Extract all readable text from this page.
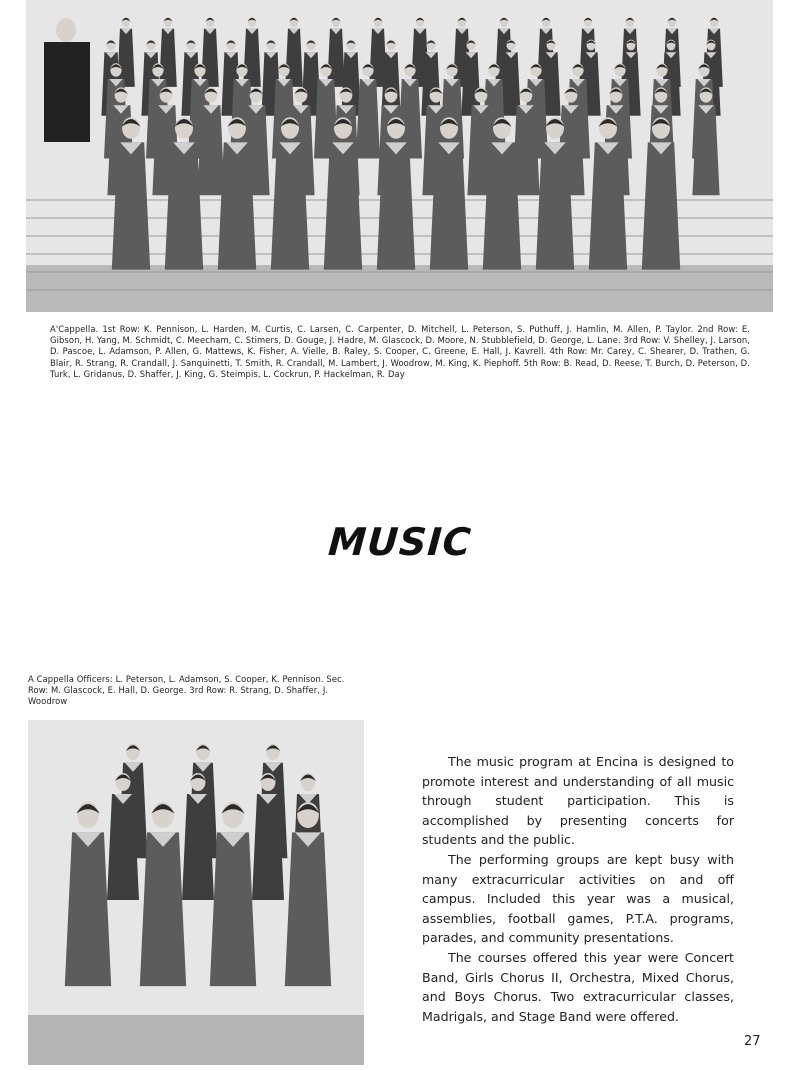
A'Cappella. 1st Row: K. Pennison, L. Harden, M. Curtis, C. Larsen, C. Carpenter, D. Mitchell, L. Peterson, S. Puthuff, J. Hamlin, M. Allen, P. Taylor. 2nd Row: E. Gibson, H. Yang, M. Schmidt, C. Meecham, C. Stimers, D. Gouge, J. Hadre, M. Glascock, D. Moore, N. Stubblefield, D. George, L. Lane. 3rd Row: V. Shelley, J. Larson, D. Pascoe, L. Adamson, P. Allen, G. Mattews, K. Fisher, A. Vielle, B. Raley, S. Cooper, C. Greene, E. Hall, J. Kavrell. 4th Row: Mr. Carey, C. Shearer, D. Trathen, G. Blair, R. Strang, R. Crandall, J. Sanquinetti, T. Smith, R. Crandall, M. Lambert, J. Woodrow, M. King, K. Piephoff. 5th Row: B. Read, D. Reese, T. Burch, D. Peterson, D. Turk, L. Gridanus, D. Shaffer, J. King, G. Steimpis, L. Cockrun, P. Hackelman, R. Day
MUSIC
A Cappella Officers: L. Peterson, L. Adamson, S. Cooper, K. Pennison. Sec. Row: M. Glascock, E. Hall, D. George. 3rd Row: R. Strang, D. Shaffer, J. Woodrow

The music program at Encina is designed to promote interest and understanding of all music through student participation. This is accomplished by presenting concerts for students and the public.

The performing groups are kept busy with many extracurricular activities on and off campus. Included this year was a musical, assemblies, football games, P.T.A. programs, parades, and community presentations.

The courses offered this year were Concert Band, Girls Chorus II, Orchestra, Mixed Chorus, and Boys Chorus. Two extracurricular classes, Madrigals, and Stage Band were offered.

27
